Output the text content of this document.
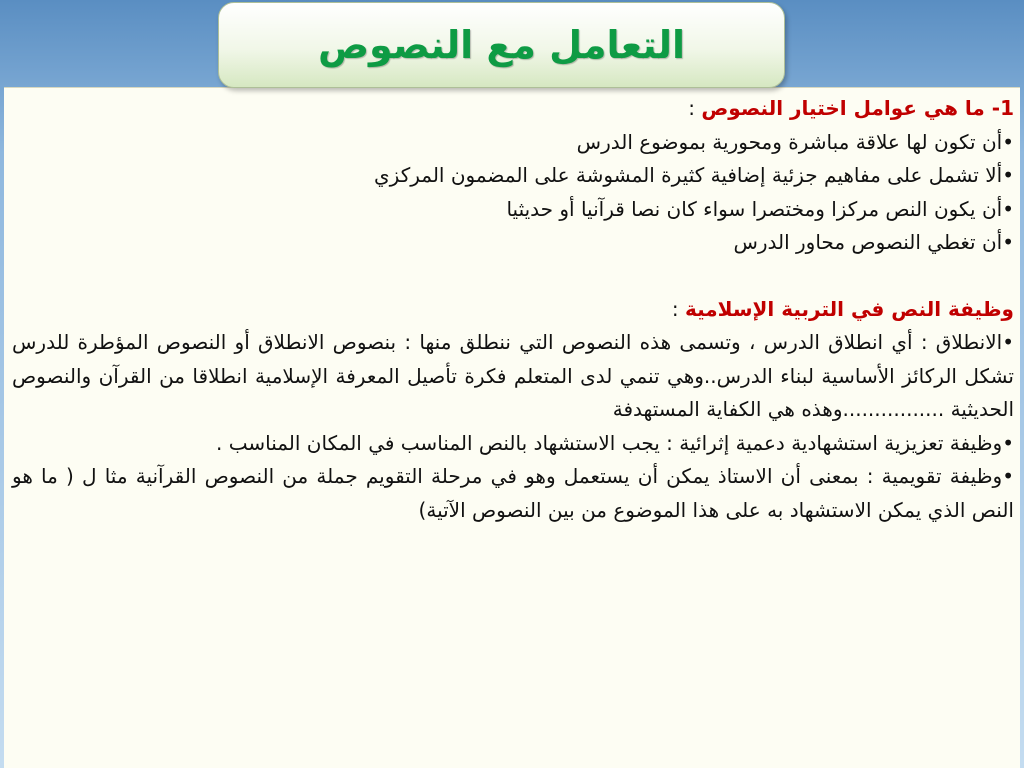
التعامل مع النصوص
1- ما هي عوامل اختيار النصوص :
•أن تكون لها علاقة مباشرة ومحورية بموضوع الدرس
•ألا تشمل على مفاهيم جزئية إضافية كثيرة المشوشة على المضمون المركزي
•أن يكون النص مركزا ومختصرا سواء كان نصا قرآنيا أو حديثيا
•أن تغطي النصوص محاور الدرس
وظيفة النص في التربية الإسلامية :
•الانطلاق : أي انطلاق الدرس ، وتسمى هذه النصوص التي ننطلق منها : بنصوص الانطلاق أو النصوص المؤطرة للدرس تشكل الركائز الأساسية لبناء الدرس..وهي تنمي لدى المتعلم فكرة تأصيل المعرفة الإسلامية انطلاقا من القرآن والنصوص الحديثية ................وهذه هي الكفاية المستهدفة
•وظيفة تعزيزية استشهادية دعمية إثرائية : يجب الاستشهاد بالنص المناسب في المكان المناسب .
•وظيفة تقويمية : بمعنى أن الاستاذ يمكن أن يستعمل وهو في مرحلة التقويم جملة من النصوص القرآنية مثا ل ( ما هو النص الذي يمكن الاستشهاد به على هذا الموضوع من بين النصوص الآتية)
